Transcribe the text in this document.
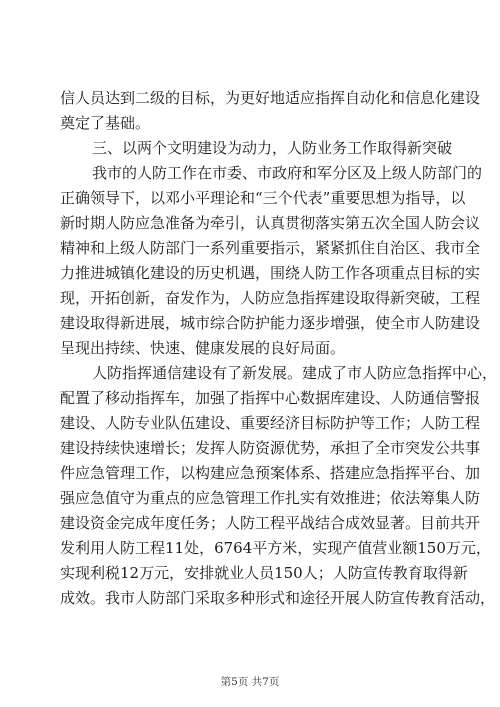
信人员达到二级的目标，为更好地适应指挥自动化和信息化建设
奠定了基础。
三、以两个文明建设为动力，人防业务工作取得新突破
我市的人防工作在市委、市政府和军分区及上级人防部门的
正确领导下，以邓小平理论和“三个代表”重要思想为指导，以
新时期人防应急准备为牵引，认真贯彻落实第五次全国人防会议
精神和上级人防部门一系列重要指示，紧紧抓住自治区、我市全
力推进城镇化建设的历史机遇，围绕人防工作各项重点目标的实
现，开拓创新，奋发作为，人防应急指挥建设取得新突破，工程
建设取得新进展，城市综合防护能力逐步增强，使全市人防建设
呈现出持续、快速、健康发展的良好局面。
人防指挥通信建设有了新发展。建成了市人防应急指挥中心，
配置了移动指挥车，加强了指挥中心数据库建设、人防通信警报
建设、人防专业队伍建设、重要经济目标防护等工作；人防工程
建设持续快速增长；发挥人防资源优势，承担了全市突发公共事
件应急管理工作，以构建应急预案体系、搭建应急指挥平台、加
强应急值守为重点的应急管理工作扎实有效推进；依法筹集人防
建设资金完成年度任务；人防工程平战结合成效显著。目前共开
发利用人防工程11处，6764平方米，实现产值营业额150万元，
实现利税12万元，安排就业人员150人；人防宣传教育取得新
成效。我市人防部门采取多种形式和途径开展人防宣传教育活动，
第5页 共7页
